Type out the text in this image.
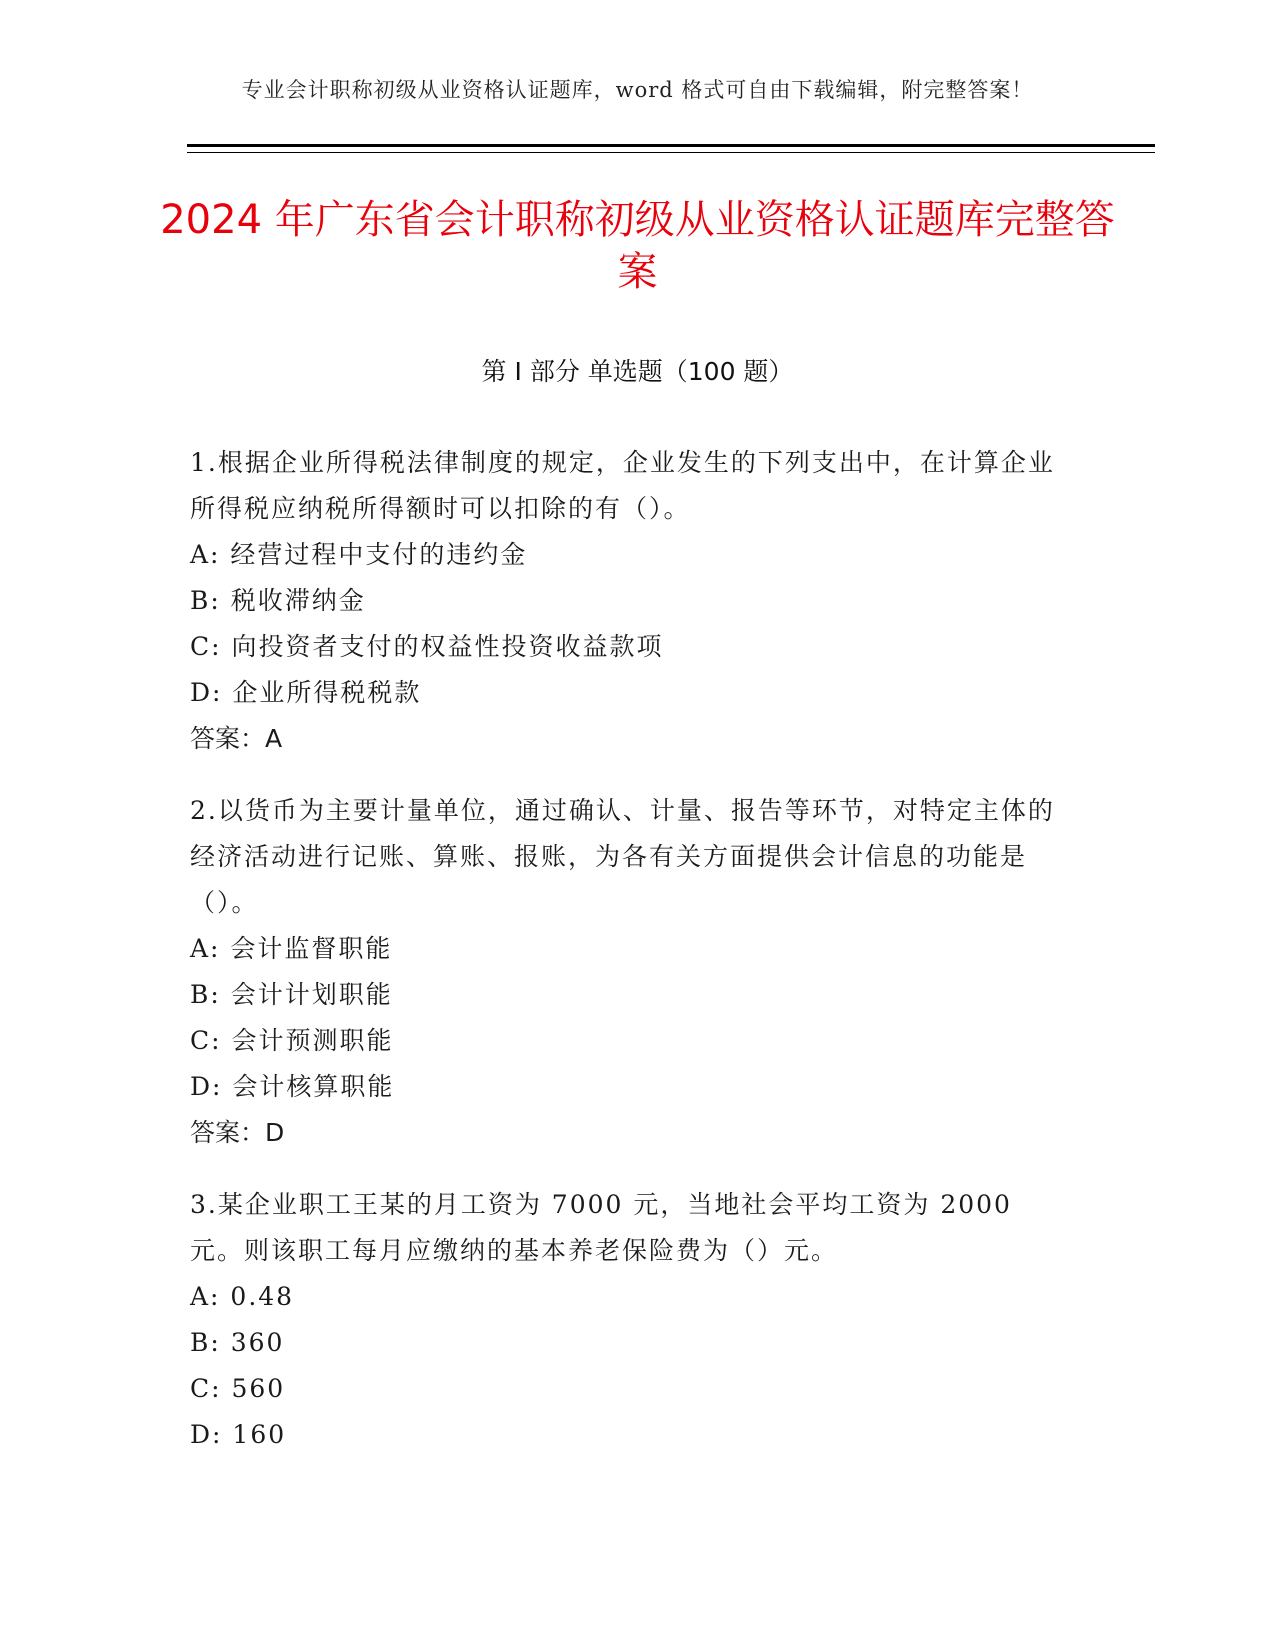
专业会计职称初级从业资格认证题库，word 格式可自由下载编辑，附完整答案！
2024 年广东省会计职称初级从业资格认证题库完整答案
第 I 部分 单选题（100 题）

1.根据企业所得税法律制度的规定，企业发生的下列支出中，在计算企业所得税应纳税所得额时可以扣除的有（）。

A: 经营过程中支付的违约金

B: 税收滞纳金

C: 向投资者支付的权益性投资收益款项

D: 企业所得税税款

答案：A

2.以货币为主要计量单位，通过确认、计量、报告等环节，对特定主体的经济活动进行记账、算账、报账，为各有关方面提供会计信息的功能是（）。

A: 会计监督职能

B: 会计计划职能

C: 会计预测职能

D: 会计核算职能

答案：D

3.某企业职工王某的月工资为 7000 元，当地社会平均工资为 2000 元。则该职工每月应缴纳的基本养老保险费为（）元。

A: 0.48

B: 360

C: 560

D: 160
